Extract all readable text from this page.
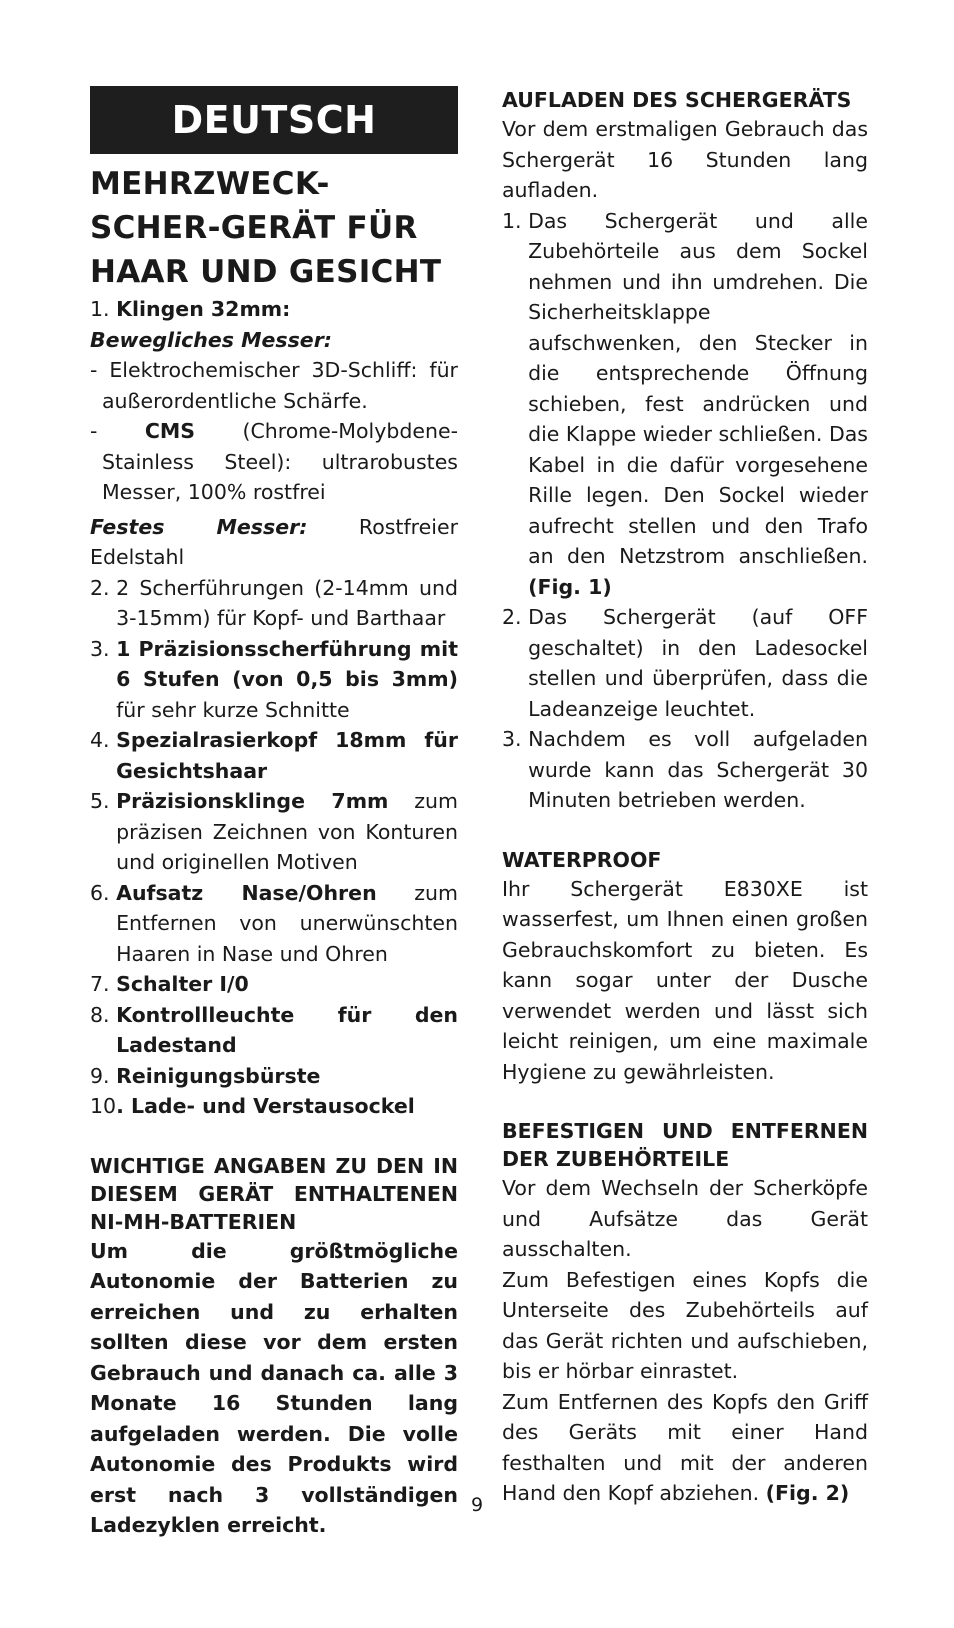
DEUTSCH
MEHRZWECK-SCHER-GERÄT FÜR HAAR UND GESICHT
1. Klingen 32mm:

Bewegliches Messer:

- Elektrochemischer 3D-Schliff: für außerordentliche Schärfe.

- CMS (Chrome-Molybdene-Stainless Steel): ultrarobustes Messer, 100% rostfrei

Festes Messer: Rostfreier Edelstahl

2. 2 Scherführungen (2-14mm und 3-15mm) für Kopf- und Barthaar
3. 1 Präzisionsscherführung mit 6 Stufen (von 0,5 bis 3mm) für sehr kurze Schnitte
4. Spezialrasierkopf 18mm für Gesichtshaar
5. Präzisionsklinge 7mm zum präzisen Zeichnen von Konturen und originellen Motiven
6. Aufsatz Nase/Ohren zum Entfernen von unerwünschten Haaren in Nase und Ohren
7. Schalter I/0
8. Kontrollleuchte für den Ladestand
9. Reinigungsbürste
10 . Lade- und Verstausockel

WICHTIGE ANGABEN ZU DEN IN DIESEM GERÄT ENTHALTENEN NI-MH-BATTERIEN

Um die größtmögliche Autonomie der Batterien zu erreichen und zu erhalten sollten diese vor dem ersten Gebrauch und danach ca. alle 3 Monate 16 Stunden lang aufgeladen werden. Die volle Autonomie des Produkts wird erst nach 3 vollständigen Ladezyklen erreicht.

AUFLADEN DES SCHERGERÄTS

Vor dem erstmaligen Gebrauch das Schergerät 16 Stunden lang aufladen.

1. Das Schergerät und alle Zubehörteile aus dem Sockel nehmen und ihn umdrehen. Die Sicherheitsklappe aufschwenken, den Stecker in die entsprechende Öffnung schieben, fest andrücken und die Klappe wieder schließen. Das Kabel in die dafür vorgesehene Rille legen. Den Sockel wieder aufrecht stellen und den Trafo an den Netzstrom anschließen. (Fig. 1)
2. Das Schergerät (auf OFF geschaltet) in den Ladesockel stellen und überprüfen, dass die Ladeanzeige leuchtet.
3. Nachdem es voll aufgeladen wurde kann das Schergerät 30 Minuten betrieben werden.

WATERPROOF

Ihr Schergerät E830XE ist wasserfest, um Ihnen einen großen Gebrauchskomfort zu bieten. Es kann sogar unter der Dusche verwendet werden und lässt sich leicht reinigen, um eine maximale Hygiene zu gewährleisten.

BEFESTIGEN UND ENTFERNEN DER ZUBEHÖRTEILE

Vor dem Wechseln der Scherköpfe und Aufsätze das Gerät ausschalten.

Zum Befestigen eines Kopfs die Unterseite des Zubehörteils auf das Gerät richten und aufschieben, bis er hörbar einrastet.

Zum Entfernen des Kopfs den Griff des Geräts mit einer Hand festhalten und mit der anderen Hand den Kopf abziehen. (Fig. 2)

9
